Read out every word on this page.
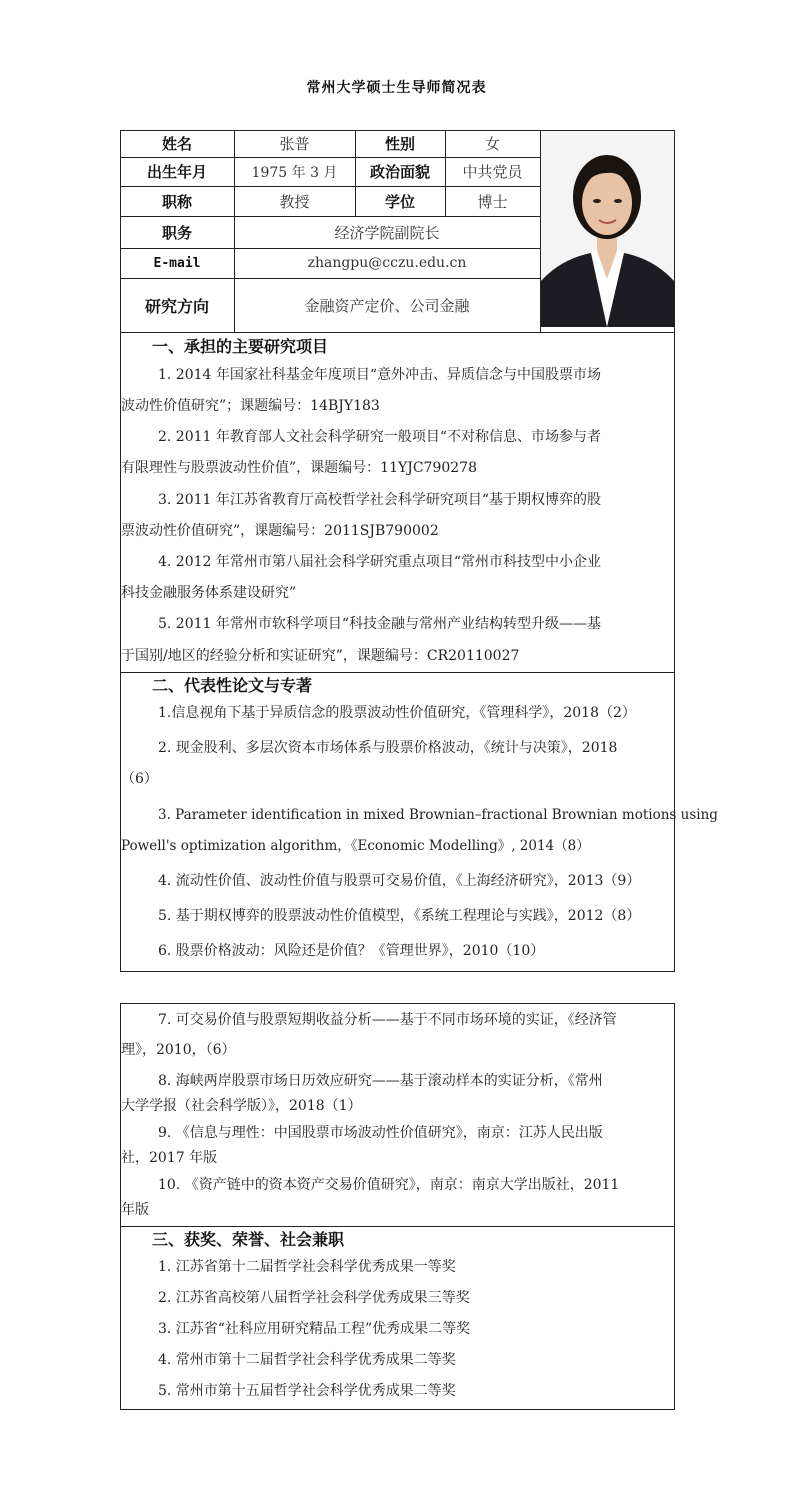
常州大学硕士生导师简况表
姓名	张普	性别	女
出生年月	1975 年 3 月	政治面貌	中共党员
职称	教授	学位	博士
职务	经济学院副院长
E-mail	zhangpu@cczu.edu.cn
研究方向	金融资产定价、公司金融
一、承担的主要研究项目
1. 2014 年国家社科基金年度项目“意外冲击、异质信念与中国股票市场
波动性价值研究”；课题编号：14BJY183
2. 2011 年教育部人文社会科学研究一般项目“不对称信息、市场参与者
有限理性与股票波动性价值”，课题编号：11YJC790278
3. 2011 年江苏省教育厅高校哲学社会科学研究项目“基于期权博弈的股
票波动性价值研究”，课题编号：2011SJB790002
4. 2012 年常州市第八届社会科学研究重点项目“常州市科技型中小企业
科技金融服务体系建设研究”
5. 2011 年常州市软科学项目“科技金融与常州产业结构转型升级——基
于国别/地区的经验分析和实证研究”，课题编号：CR20110027
二、代表性论文与专著
1.信息视角下基于异质信念的股票波动性价值研究，《管理科学》，2018（2）
2. 现金股利、多层次资本市场体系与股票价格波动，《统计与决策》，2018
（6）
3. Parameter identification in mixed Brownian–fractional Brownian motions using
Powell's optimization algorithm，《Economic Modelling》, 2014（8）
4. 流动性价值、波动性价值与股票可交易价值，《上海经济研究》，2013（9）
5. 基于期权博弈的股票波动性价值模型，《系统工程理论与实践》，2012（8）
6. 股票价格波动：风险还是价值？《管理世界》，2010（10）
7. 可交易价值与股票短期收益分析——基于不同市场环境的实证，《经济管
理》，2010，（6）
8. 海峡两岸股票市场日历效应研究——基于滚动样本的实证分析，《常州
大学学报（社会科学版）》，2018（1）
9. 《信息与理性：中国股票市场波动性价值研究》，南京：江苏人民出版
社，2017 年版
10. 《资产链中的资本资产交易价值研究》，南京：南京大学出版社，2011
年版
三、获奖、荣誉、社会兼职
1. 江苏省第十二届哲学社会科学优秀成果一等奖
2. 江苏省高校第八届哲学社会科学优秀成果三等奖
3. 江苏省“社科应用研究精品工程”优秀成果二等奖
4. 常州市第十二届哲学社会科学优秀成果二等奖
5. 常州市第十五届哲学社会科学优秀成果二等奖
